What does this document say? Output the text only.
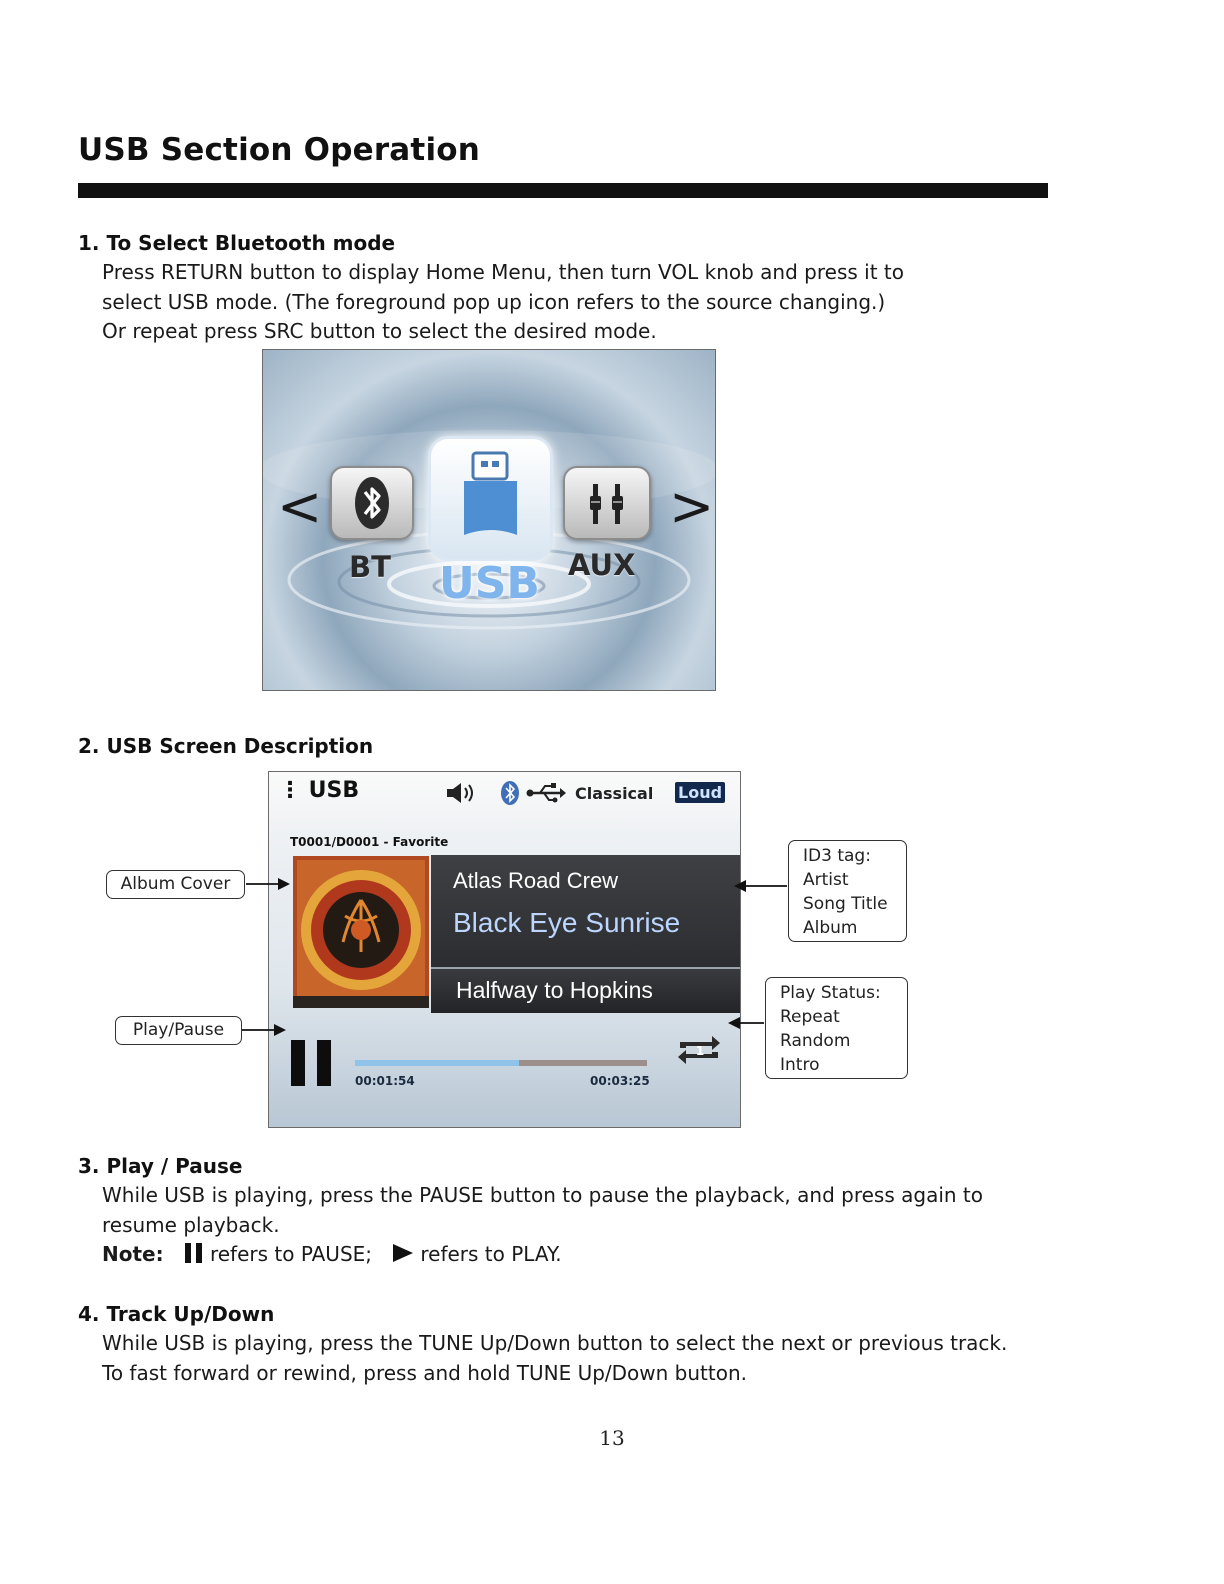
USB Section Operation
1. To Select Bluetooth mode

Press RETURN button to display Home Menu, then turn VOL knob and press it to

select USB mode. (The foreground pop up icon refers to the source changing.)

Or repeat press SRC button to select the desired mode.

<	>
BT USB AUX
2. USB Screen Description
⋮ USB	Classical Loud
T0001/D0001 - Favorite
Atlas Road Crew
Black Eye Sunrise
Halfway to Hopkins
00:01:54	00:03:25
1
Album Cover
Play/Pause
ID3 tag:
Artist
Song Title
Album
Play Status:
Repeat
Random
Intro
3. Play / Pause

While USB is playing, press the PAUSE button to pause the playback, and press again to

resume playback.

Note: refers to PAUSE; refers to PLAY.

4. Track Up/Down

While USB is playing, press the TUNE Up/Down button to select the next or previous track.

To fast forward or rewind, press and hold TUNE Up/Down button.

13
